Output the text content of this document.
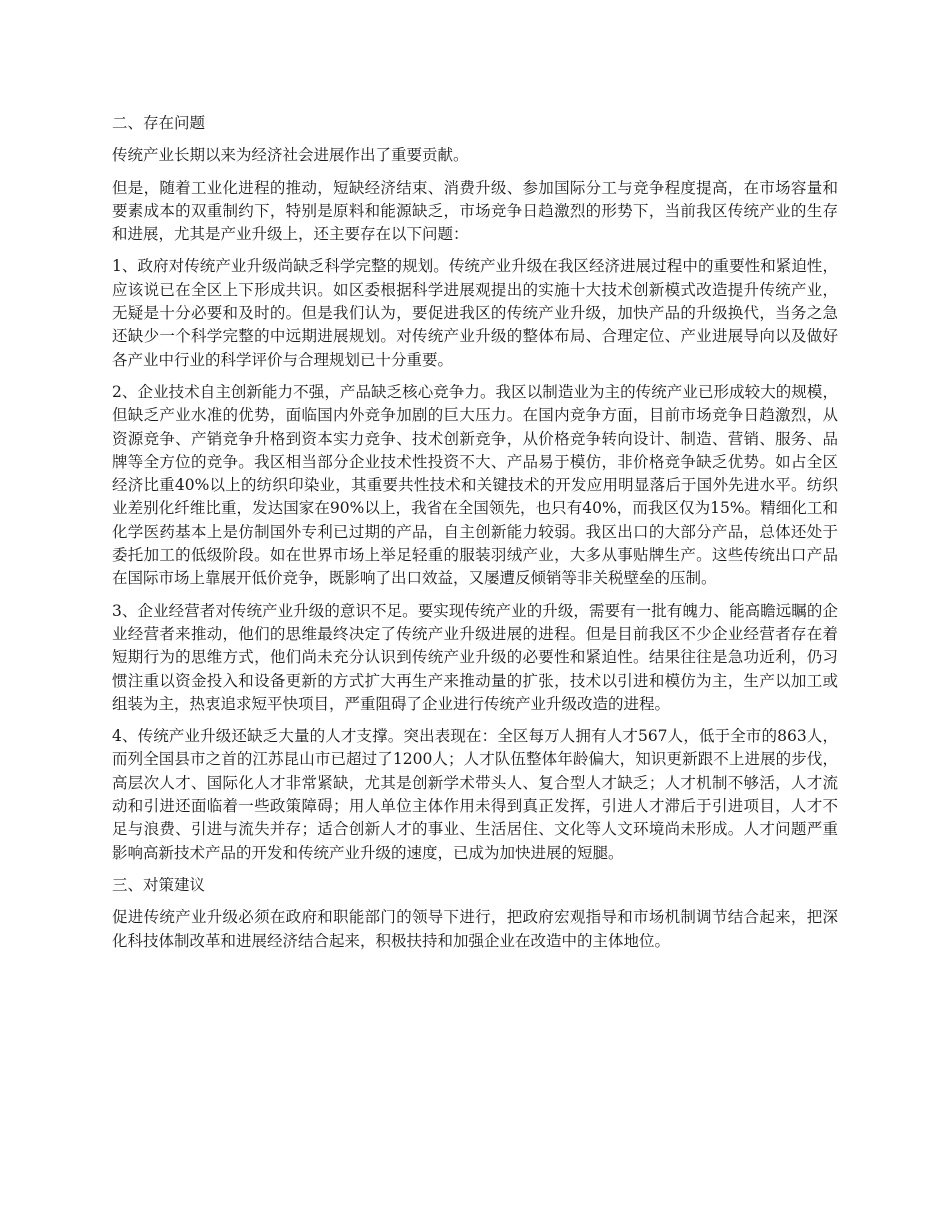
二、存在问题

传统产业长期以来为经济社会进展作出了重要贡献。

但是，随着工业化进程的推动，短缺经济结束、消费升级、参加国际分工与竞争程度提高，在市场容量和要素成本的双重制约下，特别是原料和能源缺乏，市场竞争日趋激烈的形势下，当前我区传统产业的生存和进展，尤其是产业升级上，还主要存在以下问题：

1、政府对传统产业升级尚缺乏科学完整的规划。传统产业升级在我区经济进展过程中的重要性和紧迫性，应该说已在全区上下形成共识。如区委根据科学进展观提出的实施十大技术创新模式改造提升传统产业，无疑是十分必要和及时的。但是我们认为，要促进我区的传统产业升级，加快产品的升级换代，当务之急还缺少一个科学完整的中远期进展规划。对传统产业升级的整体布局、合理定位、产业进展导向以及做好各产业中行业的科学评价与合理规划已十分重要。

2、企业技术自主创新能力不强，产品缺乏核心竞争力。我区以制造业为主的传统产业已形成较大的规模，但缺乏产业水准的优势，面临国内外竞争加剧的巨大压力。在国内竞争方面，目前市场竞争日趋激烈，从资源竞争、产销竞争升格到资本实力竞争、技术创新竞争，从价格竞争转向设计、制造、营销、服务、品牌等全方位的竞争。我区相当部分企业技术性投资不大、产品易于模仿，非价格竞争缺乏优势。如占全区经济比重40%以上的纺织印染业，其重要共性技术和关键技术的开发应用明显落后于国外先进水平。纺织业差别化纤维比重，发达国家在90%以上，我省在全国领先，也只有40%，而我区仅为15%。精细化工和化学医药基本上是仿制国外专利已过期的产品，自主创新能力较弱。我区出口的大部分产品，总体还处于委托加工的低级阶段。如在世界市场上举足轻重的服装羽绒产业，大多从事贴牌生产。这些传统出口产品在国际市场上靠展开低价竞争，既影响了出口效益，又屡遭反倾销等非关税壁垒的压制。

3、企业经营者对传统产业升级的意识不足。要实现传统产业的升级，需要有一批有魄力、能高瞻远瞩的企业经营者来推动，他们的思维最终决定了传统产业升级进展的进程。但是目前我区不少企业经营者存在着短期行为的思维方式，他们尚未充分认识到传统产业升级的必要性和紧迫性。结果往往是急功近利，仍习惯注重以资金投入和设备更新的方式扩大再生产来推动量的扩张，技术以引进和模仿为主，生产以加工或组装为主，热衷追求短平快项目，严重阻碍了企业进行传统产业升级改造的进程。

4、传统产业升级还缺乏大量的人才支撑。突出表现在：全区每万人拥有人才567人，低于全市的863人，而列全国县市之首的江苏昆山市已超过了1200人；人才队伍整体年龄偏大，知识更新跟不上进展的步伐，高层次人才、国际化人才非常紧缺，尤其是创新学术带头人、复合型人才缺乏；人才机制不够活，人才流动和引进还面临着一些政策障碍；用人单位主体作用未得到真正发挥，引进人才滞后于引进项目，人才不足与浪费、引进与流失并存；适合创新人才的事业、生活居住、文化等人文环境尚未形成。人才问题严重影响高新技术产品的开发和传统产业升级的速度，已成为加快进展的短腿。

三、对策建议

促进传统产业升级必须在政府和职能部门的领导下进行，把政府宏观指导和市场机制调节结合起来，把深化科技体制改革和进展经济结合起来，积极扶持和加强企业在改造中的主体地位。
